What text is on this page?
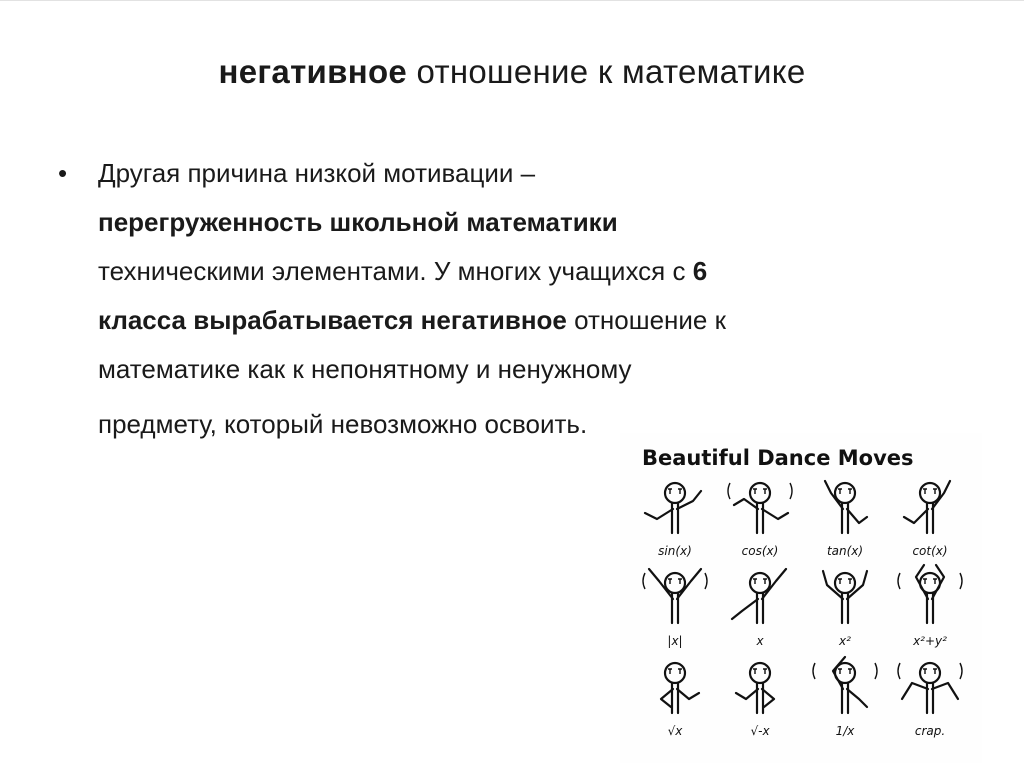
негативное отношение к математике
• Другая причина низкой мотивации –
перегруженность школьной математики
техническими элементами. У многих учащихся с 6
класса вырабатывается негативное отношение к
математике как к непонятному и ненужному
предмету, который невозможно освоить.
Beautiful Dance Moves
sin(x)	cos(x)	tan(x)	cot(x)
|x|	x	x²	x²+y²
√x	√-x	1/x	crap.
